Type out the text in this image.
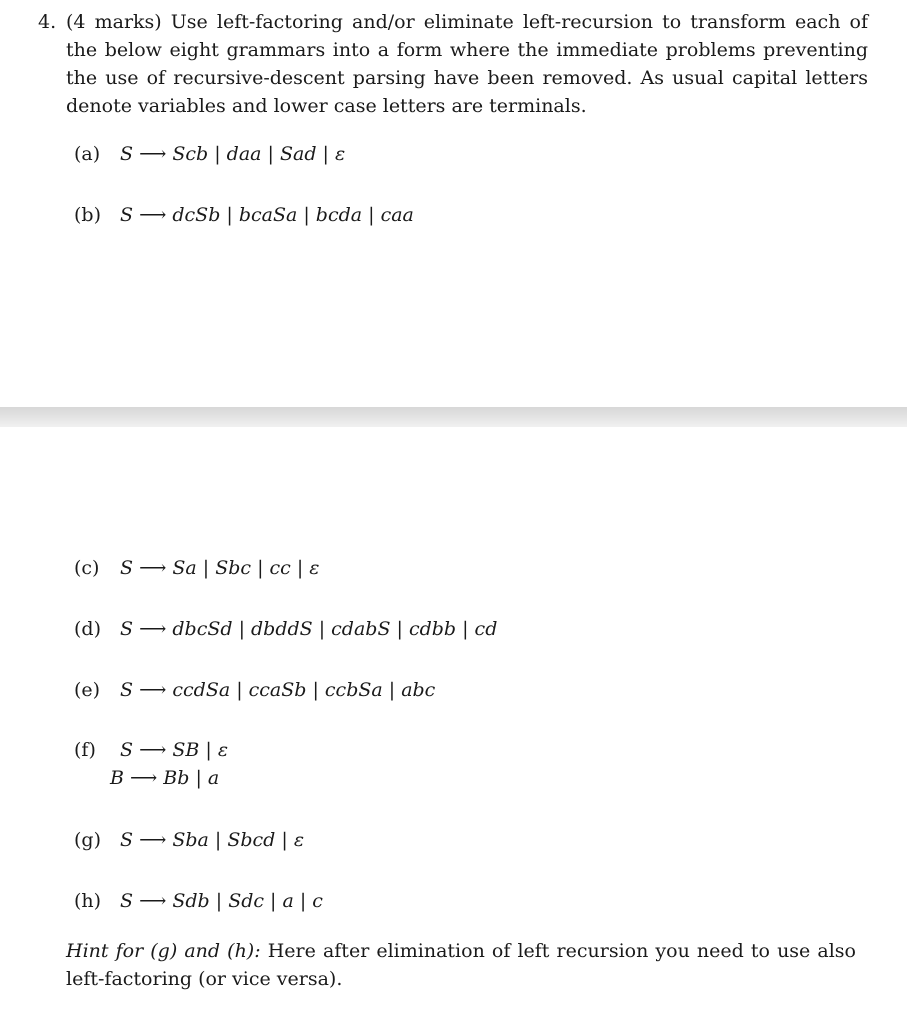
4. (4 marks) Use left-factoring and/or eliminate left-recursion to transform each of the below eight grammars into a form where the immediate problems preventing the use of recursive-descent parsing have been removed. As usual capital letters denote variables and lower case letters are terminals.
(a) S ⟶ Scb | daa | Sad | ε
(b) S ⟶ dcSb | bcaSa | bcda | caa
(c) S ⟶ Sa | Sbc | cc | ε
(d) S ⟶ dbcSd | dbddS | cdabS | cdbb | cd
(e) S ⟶ ccdSa | ccaSb | ccbSa | abc
(f) S ⟶ SB | ε
B ⟶ Bb | a
(g) S ⟶ Sba | Sbcd | ε
(h) S ⟶ Sdb | Sdc | a | c
Hint for (g) and (h): Here after elimination of left recursion you need to use also left-factoring (or vice versa).
